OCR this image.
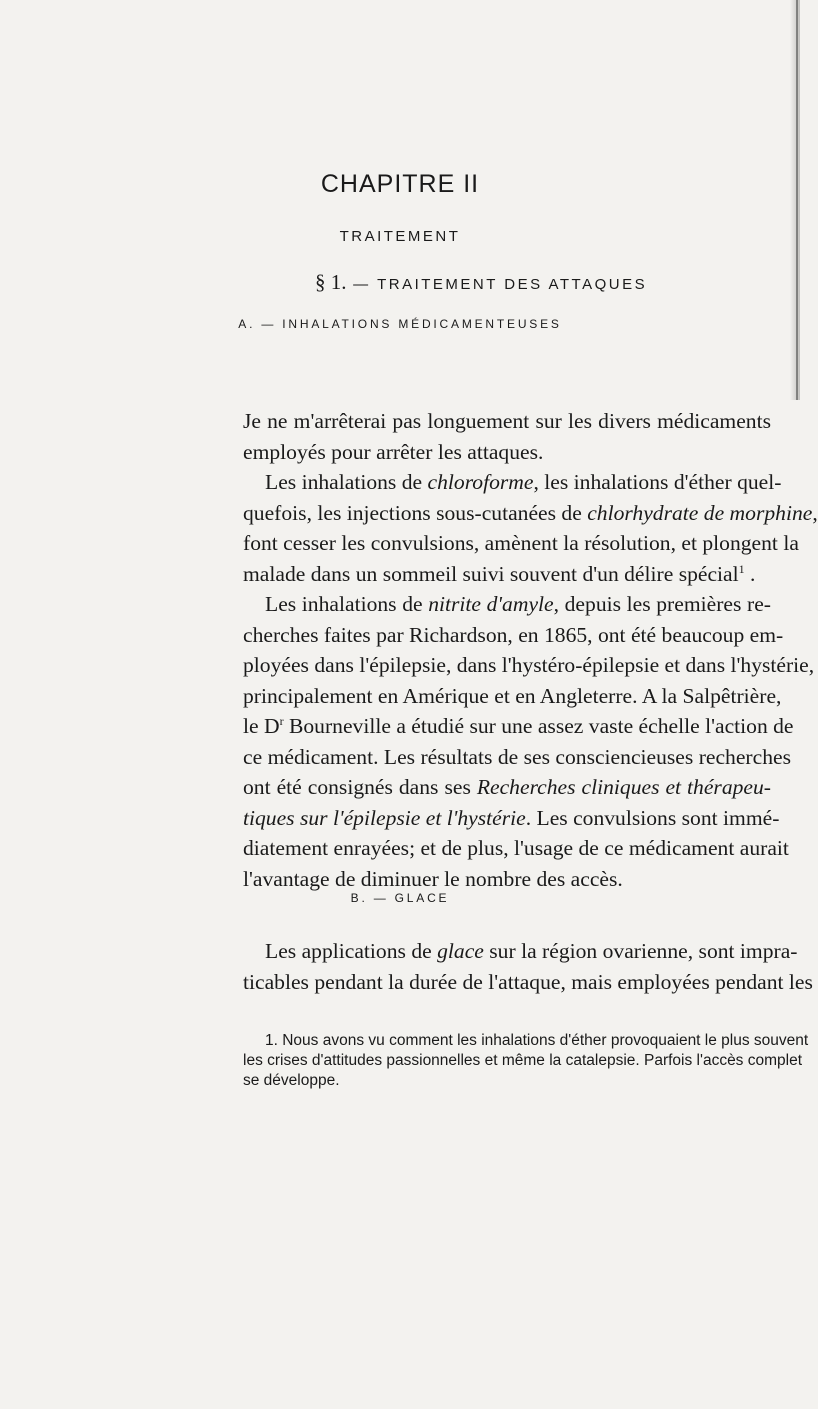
CHAPITRE II
TRAITEMENT
§ 1. — TRAITEMENT DES ATTAQUES
A. — INHALATIONS MÉDICAMENTEUSES
Je ne m'arrêterai pas longuement sur les divers médicaments
employés pour arrêter les attaques.
Les inhalations de chloroforme, les inhalations d'éther quel-
quefois, les injections sous-cutanées de chlorhydrate de morphine,
font cesser les convulsions, amènent la résolution, et plongent la
malade dans un sommeil suivi souvent d'un délire spécial$^1$ .
Les inhalations de nitrite d'amyle, depuis les premières re-
cherches faites par Richardson, en 1865, ont été beaucoup em-
ployées dans l'épilepsie, dans l'hystéro-épilepsie et dans l'hystérie,
principalement en Amérique et en Angleterre. A la Salpêtrière,
le $D^r$ Bourneville a étudié sur une assez vaste échelle l'action de
ce médicament. Les résultats de ses consciencieuses recherches
ont été consignés dans ses Recherches cliniques et thérapeu-
tiques sur l'épilepsie et l'hystérie. Les convulsions sont immé-
diatement enrayées; et de plus, l'usage de ce médicament aurait
l'avantage de diminuer le nombre des accès.
B. — GLACE
Les applications de glace sur la région ovarienne, sont impra-
ticables pendant la durée de l'attaque, mais employées pendant les
1. Nous avons vu comment les inhalations d'éther provoquaient le plus souvent
les crises d'attitudes passionnelles et même la catalepsie. Parfois l'accès complet
se développe.
